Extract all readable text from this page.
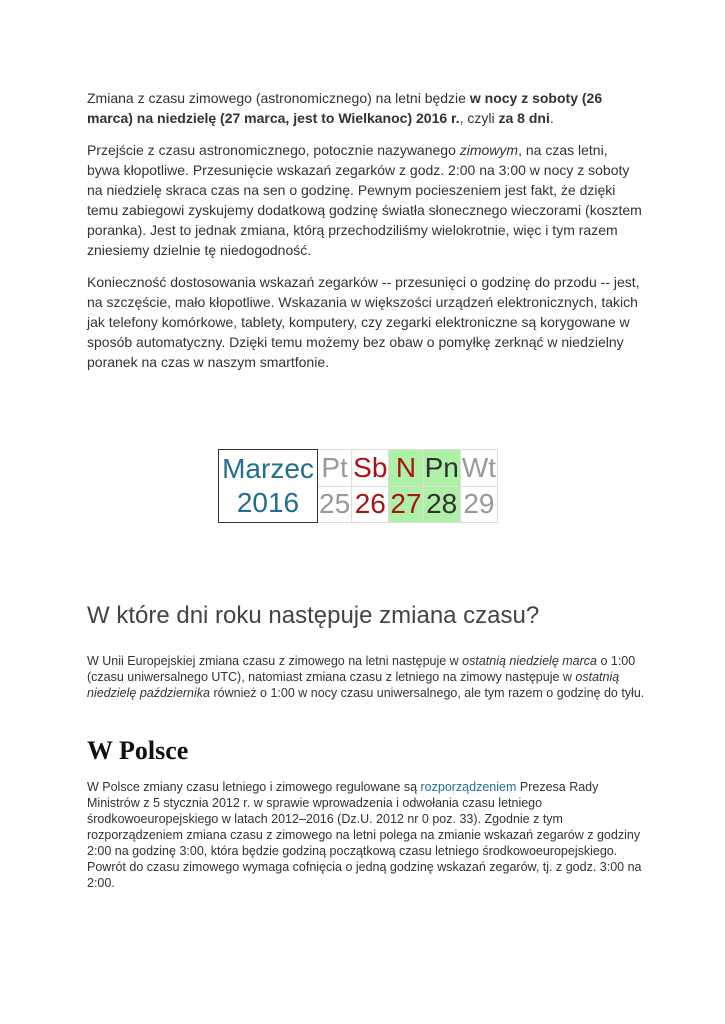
Zmiana z czasu zimowego (astronomicznego) na letni będzie w nocy z soboty (26 marca) na niedzielę (27 marca, jest to Wielkanoc) 2016 r., czyli za 8 dni.

Przejście z czasu astronomicznego, potocznie nazywanego zimowym, na czas letni, bywa kłopotliwe. Przesunięcie wskazań zegarków z godz. 2:00 na 3:00 w nocy z soboty na niedzielę skraca czas na sen o godzinę. Pewnym pocieszeniem jest fakt, że dzięki temu zabiegowi zyskujemy dodatkową godzinę światła słonecznego wieczorami (kosztem poranka). Jest to jednak zmiana, którą przechodziliśmy wielokrotnie, więc i tym razem zniesiemy dzielnie tę niedogodność.

Konieczność dostosowania wskazań zegarków -- przesunięci o godzinę do przodu -- jest, na szczęście, mało kłopotliwe. Wskazania w większości urządzeń elektronicznych, takich jak telefony komórkowe, tablety, komputery, czy zegarki elektroniczne są korygowane w sposób automatyczny. Dzięki temu możemy bez obaw o pomyłkę zerknąć w niedzielny poranek na czas w naszym smartfonie.

Marzec
2016	Pt	Sb	N	Pn	Wt
	25	26	27	28	29
W które dni roku następuje zmiana czasu?

W Unii Europejskiej zmiana czasu z zimowego na letni następuje w ostatnią niedzielę marca o 1:00 (czasu uniwersalnego UTC), natomiast zmiana czasu z letniego na zimowy następuje w ostatnią niedzielę października również o 1:00 w nocy czasu uniwersalnego, ale tym razem o godzinę do tyłu.

W Polsce

W Polsce zmiany czasu letniego i zimowego regulowane są rozporządzeniem Prezesa Rady Ministrów z 5 stycznia 2012 r. w sprawie wprowadzenia i odwołania czasu letniego środkowoeuropejskiego w latach 2012–2016 (Dz.U. 2012 nr 0 poz. 33). Zgodnie z tym rozporządzeniem zmiana czasu z zimowego na letni polega na zmianie wskazań zegarów z godziny 2:00 na godzinę 3:00, która będzie godziną początkową czasu letniego środkowoeuropejskiego. Powrót do czasu zimowego wymaga cofnięcia o jedną godzinę wskazań zegarów, tj. z godz. 3:00 na 2:00.
